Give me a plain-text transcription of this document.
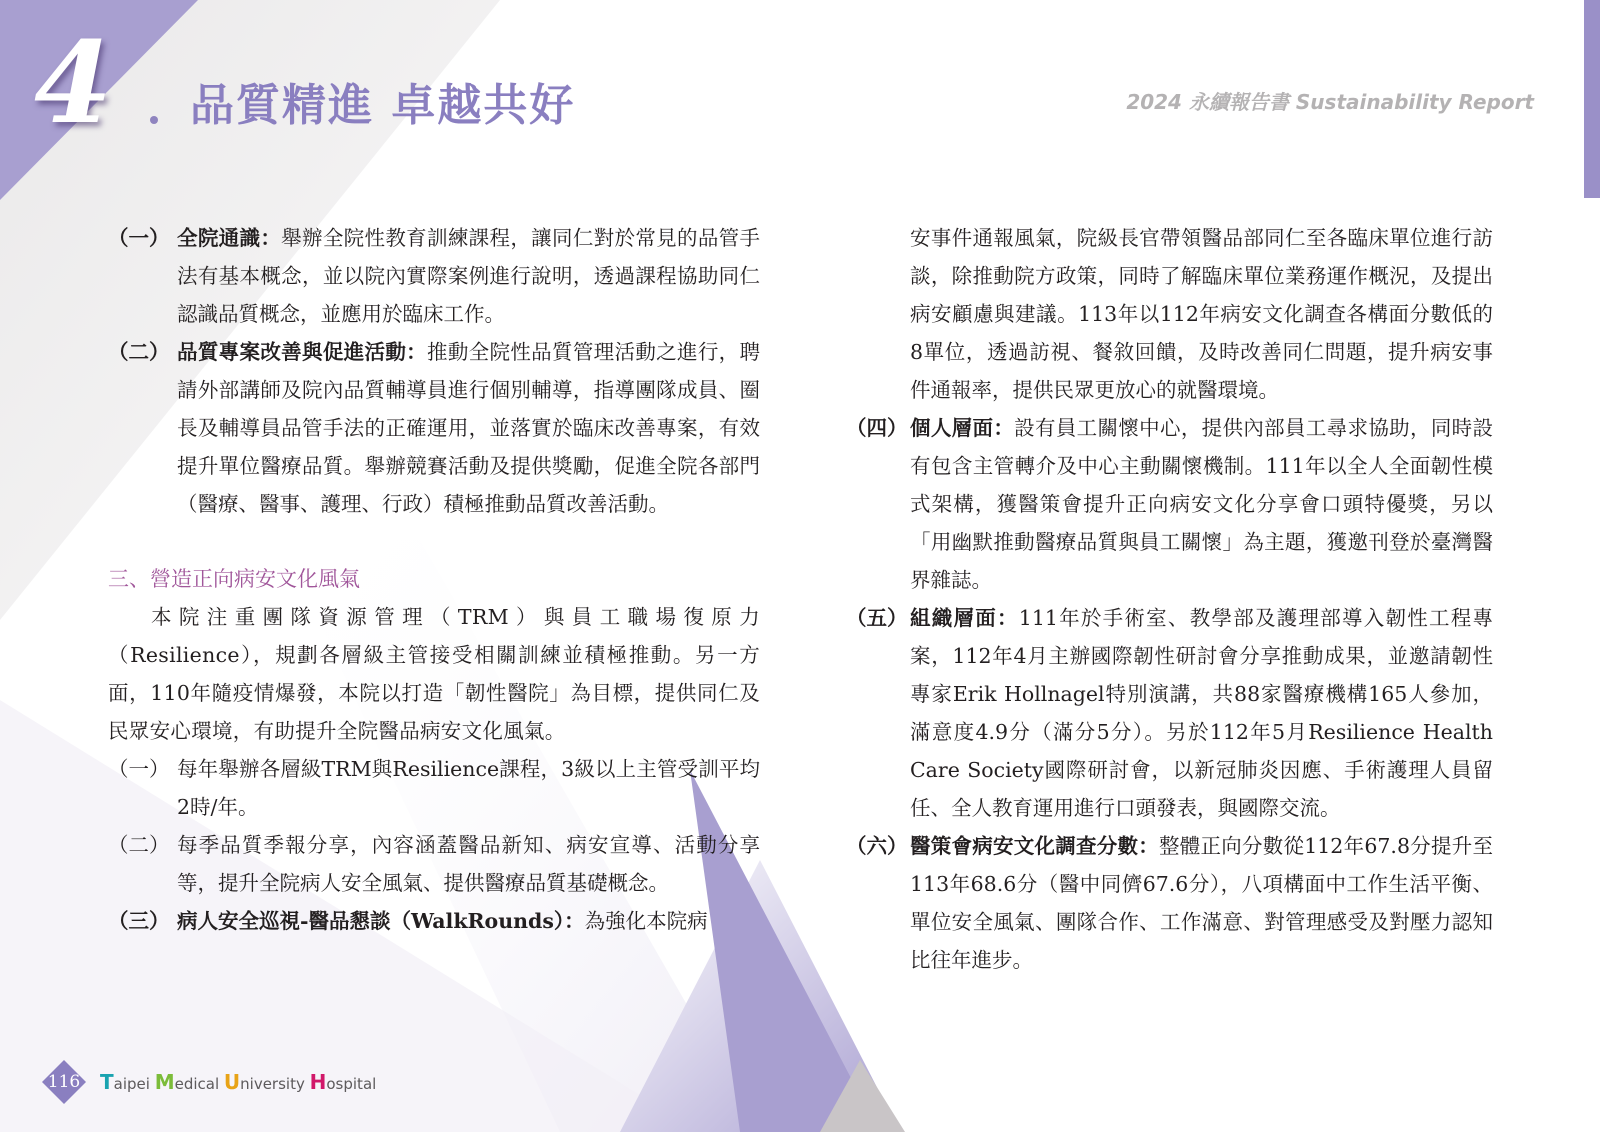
4 品質精進 卓越共好	2024 永續報告書 Sustainability Report
（一） 全院通識：舉辦全院性教育訓練課程，讓同仁對於常見的品管手法有基本概念，並以院內實際案例進行說明，透過課程協助同仁認識品質概念，並應用於臨床工作。
（二） 品質專案改善與促進活動：推動全院性品質管理活動之進行，聘請外部講師及院內品質輔導員進行個別輔導，指導團隊成員、圈長及輔導員品管手法的正確運用，並落實於臨床改善專案，有效提升單位醫療品質。舉辦競賽活動及提供獎勵，促進全院各部門（醫療、醫事、護理、行政）積極推動品質改善活動。
三、營造正向病安文化風氣
本院注重團隊資源管理（TRM）與員工職場復原力（Resilience），規劃各層級主管接受相關訓練並積極推動。另一方面，110年隨疫情爆發，本院以打造「韌性醫院」為目標，提供同仁及民眾安心環境，有助提升全院醫品病安文化風氣。
（一） 每年舉辦各層級TRM與Resilience課程，3級以上主管受訓平均2時/年。
（二） 每季品質季報分享，內容涵蓋醫品新知、病安宣導、活動分享等，提升全院病人安全風氣、提供醫療品質基礎概念。
（三） 病人安全巡視-醫品懇談（WalkRounds）：為強化本院病
安事件通報風氣，院級長官帶領醫品部同仁至各臨床單位進行訪談，除推動院方政策，同時了解臨床單位業務運作概況，及提出病安顧慮與建議。113年以112年病安文化調查各構面分數低的8單位，透過訪視、餐敘回饋，及時改善同仁問題，提升病安事件通報率，提供民眾更放心的就醫環境。
（四） 個人層面：設有員工關懷中心，提供內部員工尋求協助，同時設有包含主管轉介及中心主動關懷機制。111年以全人全面韌性模式架構，獲醫策會提升正向病安文化分享會口頭特優獎，另以「用幽默推動醫療品質與員工關懷」為主題，獲邀刊登於臺灣醫界雜誌。
（五） 組織層面：111年於手術室、教學部及護理部導入韌性工程專案，112年4月主辦國際韌性研討會分享推動成果，並邀請韌性專家Erik Hollnagel特別演講，共88家醫療機構165人參加，滿意度4.9分（滿分5分）。另於112年5月Resilience Health Care Society國際研討會，以新冠肺炎因應、手術護理人員留任、全人教育運用進行口頭發表，與國際交流。
（六） 醫策會病安文化調查分數：整體正向分數從112年67.8分提升至113年68.6分（醫中同儕67.6分），八項構面中工作生活平衡、單位安全風氣、團隊合作、工作滿意、對管理感受及對壓力認知比往年進步。
116 Taipei Medical University Hospital
